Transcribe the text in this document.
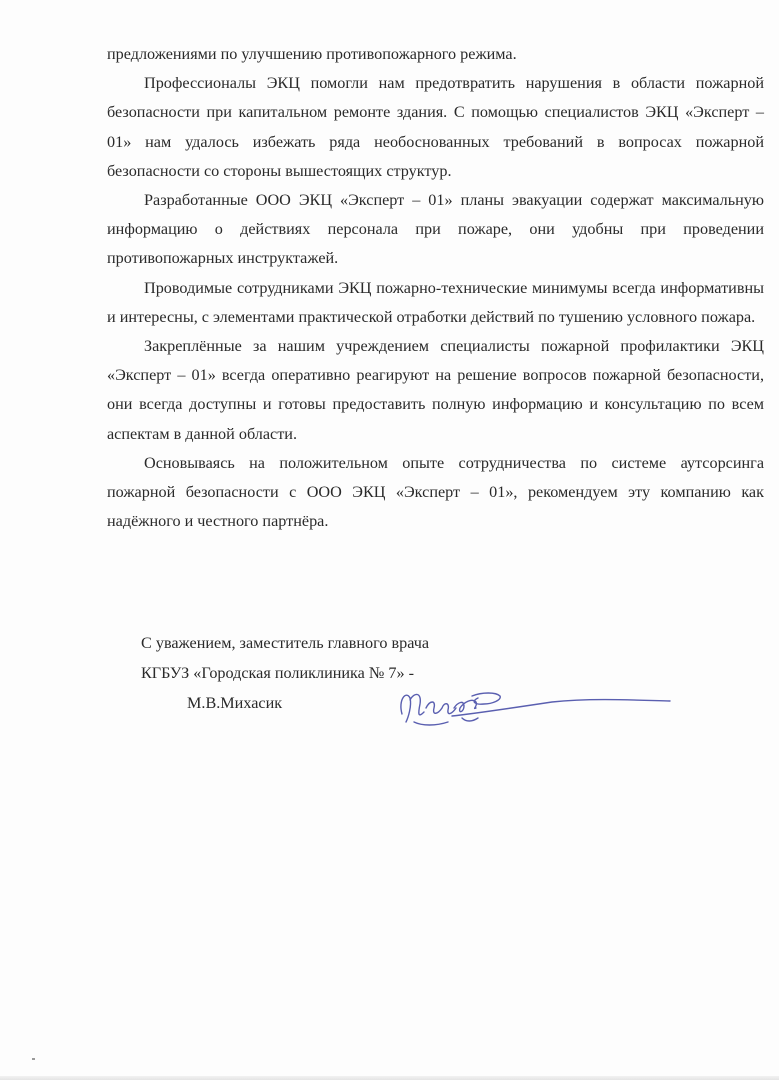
предложениями по улучшению противопожарного режима.

Профессионалы ЭКЦ помогли нам предотвратить нарушения в области пожарной безопасности при капитальном ремонте здания. С помощью специалистов ЭКЦ «Эксперт – 01» нам удалось избежать ряда необоснованных требований в вопросах пожарной безопасности со стороны вышестоящих структур.

Разработанные ООО ЭКЦ «Эксперт – 01» планы эвакуации содержат максимальную информацию о действиях персонала при пожаре, они удобны при проведении противопожарных инструктажей.

Проводимые сотрудниками ЭКЦ пожарно-технические минимумы всегда информативны и интересны, с элементами практической отработки действий по тушению условного пожара.

Закреплённые за нашим учреждением специалисты пожарной профилактики ЭКЦ «Эксперт – 01» всегда оперативно реагируют на решение вопросов пожарной безопасности, они всегда доступны и готовы предоставить полную информацию и консультацию по всем аспектам в данной области.

Основываясь на положительном опыте сотрудничества по системе аутсорсинга пожарной безопасности с ООО ЭКЦ «Эксперт – 01», рекомендуем эту компанию как надёжного и честного партнёра.

С уважением, заместитель главного врача
КГБУЗ «Городская поликлиника № 7» -
М.В.Михасик
